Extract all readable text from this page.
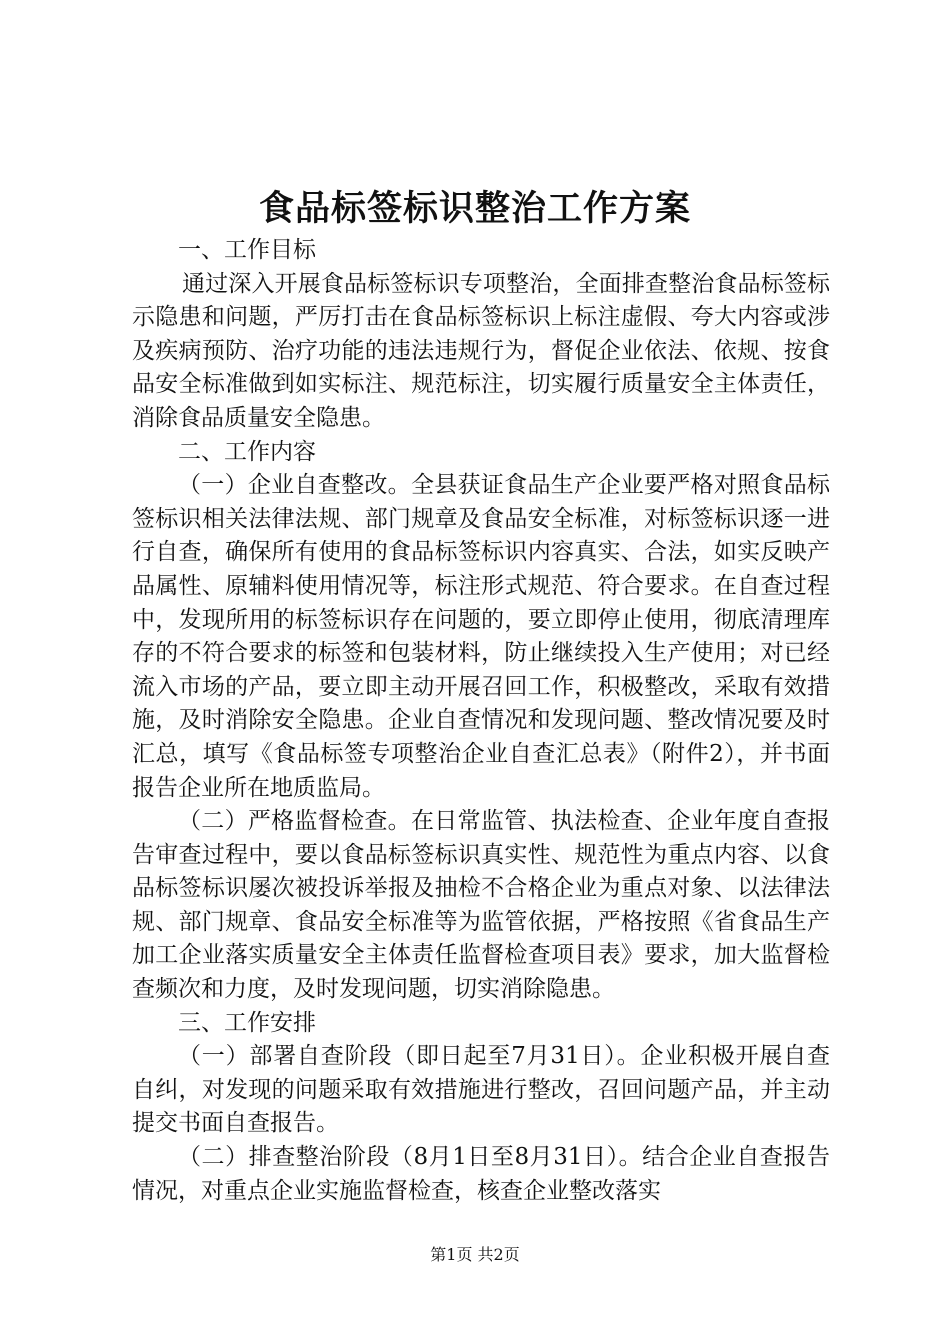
食品标签标识整治工作方案

一、工作目标

通过深入开展食品标签标识专项整治，全面排查整治食品标签标示隐患和问题，严厉打击在食品标签标识上标注虚假、夸大内容或涉及疾病预防、治疗功能的违法违规行为，督促企业依法、依规、按食品安全标准做到如实标注、规范标注，切实履行质量安全主体责任，消除食品质量安全隐患。

二、工作内容

（一）企业自查整改。全县获证食品生产企业要严格对照食品标签标识相关法律法规、部门规章及食品安全标准，对标签标识逐一进行自查，确保所有使用的食品标签标识内容真实、合法，如实反映产品属性、原辅料使用情况等，标注形式规范、符合要求。在自查过程中，发现所用的标签标识存在问题的，要立即停止使用，彻底清理库存的不符合要求的标签和包装材料，防止继续投入生产使用；对已经流入市场的产品，要立即主动开展召回工作，积极整改，采取有效措施，及时消除安全隐患。企业自查情况和发现问题、整改情况要及时汇总，填写《食品标签专项整治企业自查汇总表》（附件2），并书面报告企业所在地质监局。

（二）严格监督检查。在日常监管、执法检查、企业年度自查报告审查过程中，要以食品标签标识真实性、规范性为重点内容、以食品标签标识屡次被投诉举报及抽检不合格企业为重点对象、以法律法规、部门规章、食品安全标准等为监管依据，严格按照《省食品生产加工企业落实质量安全主体责任监督检查项目表》要求，加大监督检查频次和力度，及时发现问题，切实消除隐患。

三、工作安排

（一）部署自查阶段（即日起至7月31日）。企业积极开展自查自纠，对发现的问题采取有效措施进行整改，召回问题产品，并主动提交书面自查报告。

（二）排查整治阶段（8月1日至8月31日）。结合企业自查报告情况，对重点企业实施监督检查，核查企业整改落实

第1页 共2页
